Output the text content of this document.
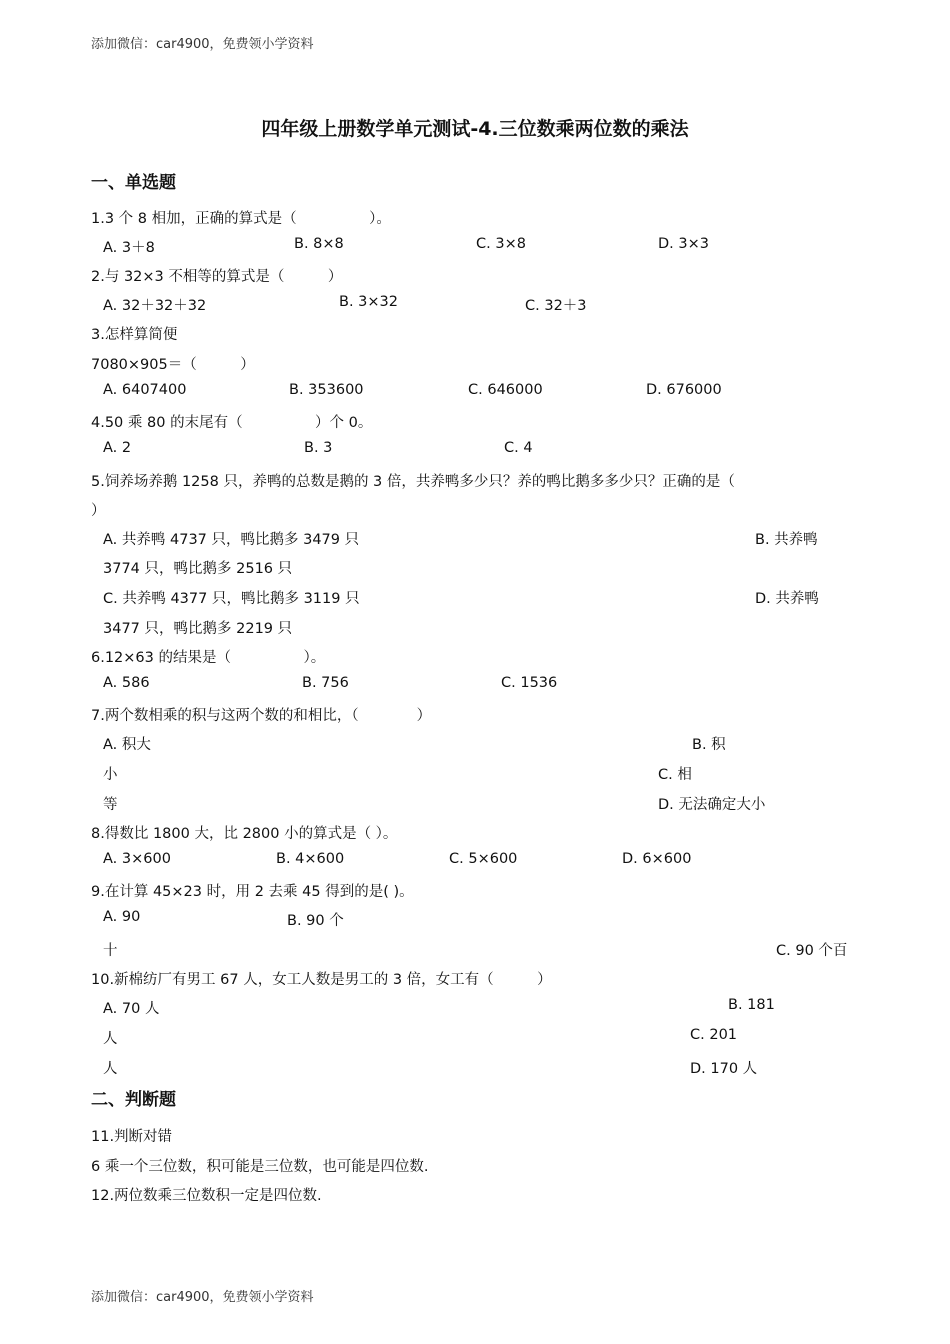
添加微信：car4900，免费领小学资料
四年级上册数学单元测试-4.三位数乘两位数的乘法
一、单选题
1.3 个 8 相加，正确的算式是（　　　　　）。
A. 3＋8	B. 8×8	C. 3×8	D. 3×3
2.与 32×3 不相等的算式是（　　　）
A. 32＋32＋32	B. 3×32	C. 32＋3
3.怎样算简便
7080×905＝（　　　）
A. 6407400	B. 353600	C. 646000	D. 676000
4.50 乘 80 的末尾有（　　　　　）个 0。
A. 2	B. 3	C. 4
5.饲养场养鹅 1258 只，养鸭的总数是鹅的 3 倍，共养鸭多少只？养的鸭比鹅多多少只？正确的是（
）
A. 共养鸭 4737 只，鸭比鹅多 3479 只	B. 共养鸭
3774 只，鸭比鹅多 2516 只
C. 共养鸭 4377 只，鸭比鹅多 3119 只	D. 共养鸭
3477 只，鸭比鹅多 2219 只
6.12×63 的结果是（　　　　　）。
A. 586	B. 756	C. 1536
7.两个数相乘的积与这两个数的和相比，（　　　　）
A. 积大	B. 积
小	C. 相
等	D. 无法确定大小
8.得数比 1800 大，比 2800 小的算式是（ ）。
A. 3×600	B. 4×600	C. 5×600	D. 6×600
9.在计算 45×23 时，用 2 去乘 45 得到的是( )。
A. 90	B. 90 个
十	C. 90 个百
10.新棉纺厂有男工 67 人，女工人数是男工的 3 倍，女工有（　　　）
A. 70 人	B. 181
人	C. 201
人	D. 170 人
二、判断题
11.判断对错
6 乘一个三位数，积可能是三位数，也可能是四位数.
12.两位数乘三位数积一定是四位数.
添加微信：car4900，免费领小学资料
